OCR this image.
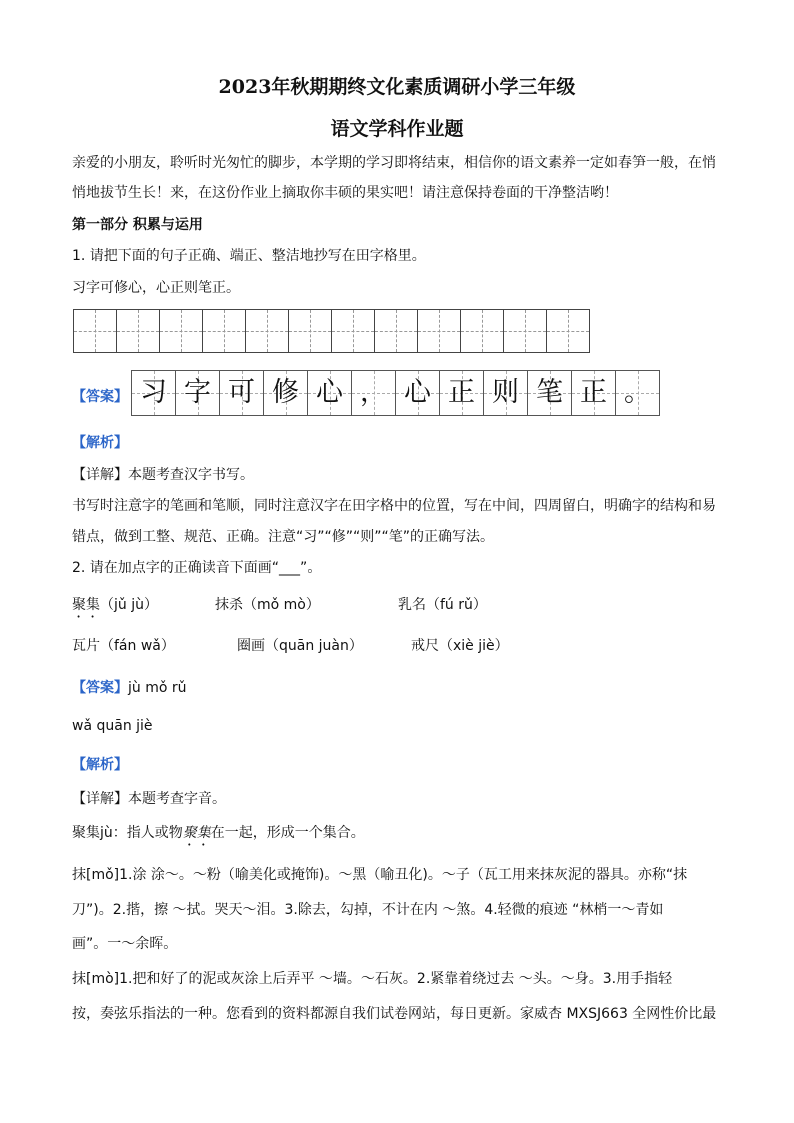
2023年秋期期终文化素质调研小学三年级
语文学科作业题
亲爱的小朋友，聆听时光匆忙的脚步，本学期的学习即将结束，相信你的语文素养一定如春笋一般，在悄
悄地拔节生长！来，在这份作业上摘取你丰硕的果实吧！请注意保持卷面的干净整洁哟！
第一部分 积累与运用
1. 请把下面的句子正确、端正、整洁地抄写在田字格里。
习字可修心，心正则笔正。
【答案】 习 字 可 修 心 ， 心 正 则 笔 正 。
【解析】
【详解】本题考查汉字书写。
书写时注意字的笔画和笔顺，同时注意汉字在田字格中的位置，写在中间，四周留白，明确字的结构和易
错点，做到工整、规范、正确。注意“习”“修”“则”“笔”的正确写法。
2. 请在加点字的正确读音下面画“___”。
聚集（jǔ jù）	抹杀（mǒ mò）	乳名（fú rǔ）
瓦片（fán wǎ）	圈画（quān juàn）	戒尺（xiè jiè）
【答案】jù mǒ rǔ
wǎ quān jiè
【解析】
【详解】本题考查字音。
聚集jù：指人或物聚集在一起，形成一个集合。
抹[mǒ]1.涂 涂～。～粉（喻美化或掩饰)。～黑（喻丑化)。～子（瓦工用来抹灰泥的器具。亦称“抹
刀”)。2.揩，擦 ～拭。哭天～泪。3.除去，勾掉，不计在内 ～煞。4.轻微的痕迹 “林梢一～青如
画”。一～余晖。
抹[mò]1.把和好了的泥或灰涂上后弄平 ～墙。～石灰。2.紧靠着绕过去 ～头。～身。3.用手指轻
按，奏弦乐指法的一种。您看到的资料都源自我们试卷网站，每日更新。家威杏 MXSJ663 全网性价比最
